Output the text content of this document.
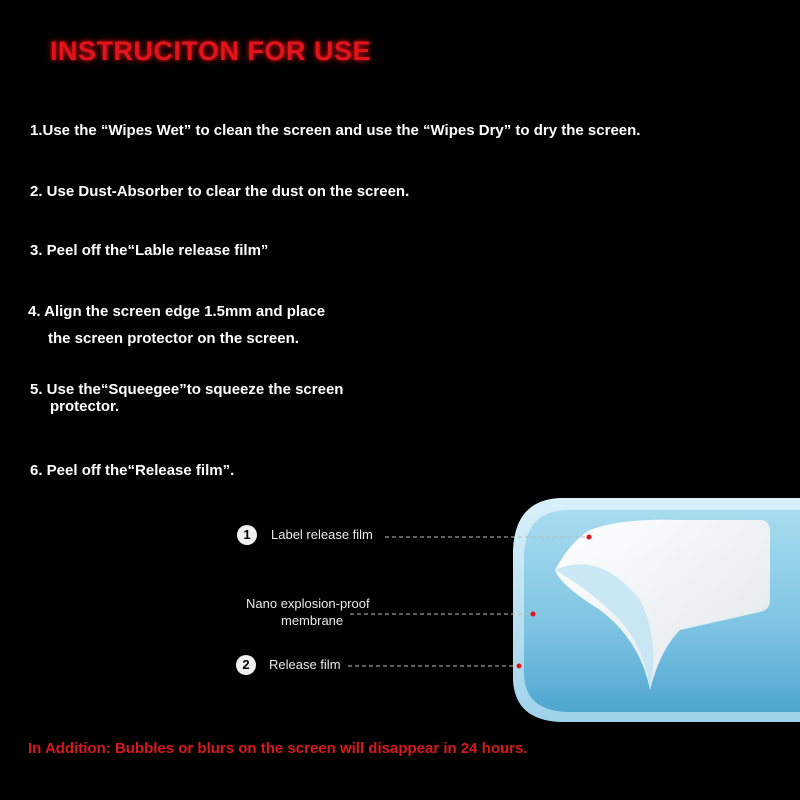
INSTRUCITON FOR USE
1.Use the “Wipes Wet” to clean the screen and use the “Wipes Dry” to dry the screen.
2. Use Dust-Absorber to clear the dust on the screen.
3. Peel off the“Lable release film”
4. Align the screen edge 1.5mm and place
the screen protector on the screen.
5. Use the“Squeegee”to squeeze the screen
protector.
6. Peel off the“Release film”.
1	Label release film
Nano explosion-proof
membrane
2	Release film
In Addition: Bubbles or blurs on the screen will disappear in 24 hours.
